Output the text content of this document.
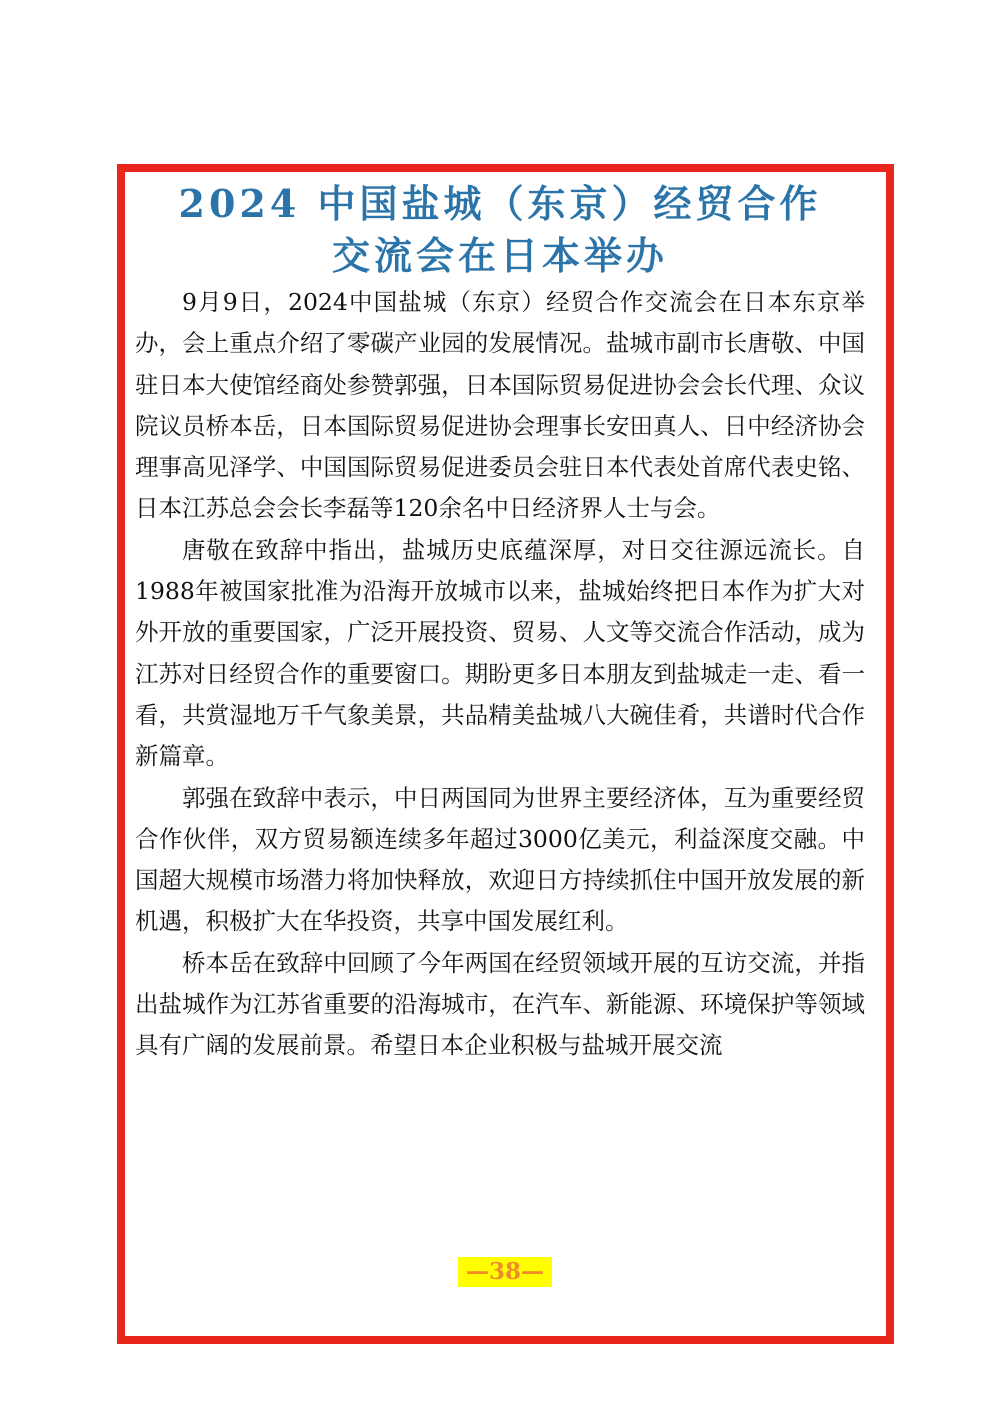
2024 中国盐城（东京）经贸合作
交流会在日本举办

9月9日，2024中国盐城（东京）经贸合作交流会在日本东京举办，会上重点介绍了零碳产业园的发展情况。盐城市副市长唐敬、中国驻日本大使馆经商处参赞郭强，日本国际贸易促进协会会长代理、众议院议员桥本岳，日本国际贸易促进协会理事长安田真人、日中经济协会理事高见泽学、中国国际贸易促进委员会驻日本代表处首席代表史铭、日本江苏总会会长李磊等120余名中日经济界人士与会。

唐敬在致辞中指出，盐城历史底蕴深厚，对日交往源远流长。自1988年被国家批准为沿海开放城市以来，盐城始终把日本作为扩大对外开放的重要国家，广泛开展投资、贸易、人文等交流合作活动，成为江苏对日经贸合作的重要窗口。期盼更多日本朋友到盐城走一走、看一看，共赏湿地万千气象美景，共品精美盐城八大碗佳肴，共谱时代合作新篇章。

郭强在致辞中表示，中日两国同为世界主要经济体，互为重要经贸合作伙伴，双方贸易额连续多年超过3000亿美元，利益深度交融。中国超大规模市场潜力将加快释放，欢迎日方持续抓住中国开放发展的新机遇，积极扩大在华投资，共享中国发展红利。

桥本岳在致辞中回顾了今年两国在经贸领域开展的互访交流，并指出盐城作为江苏省重要的沿海城市，在汽车、新能源、环境保护等领域具有广阔的发展前景。希望日本企业积极与盐城开展交流

—38—
